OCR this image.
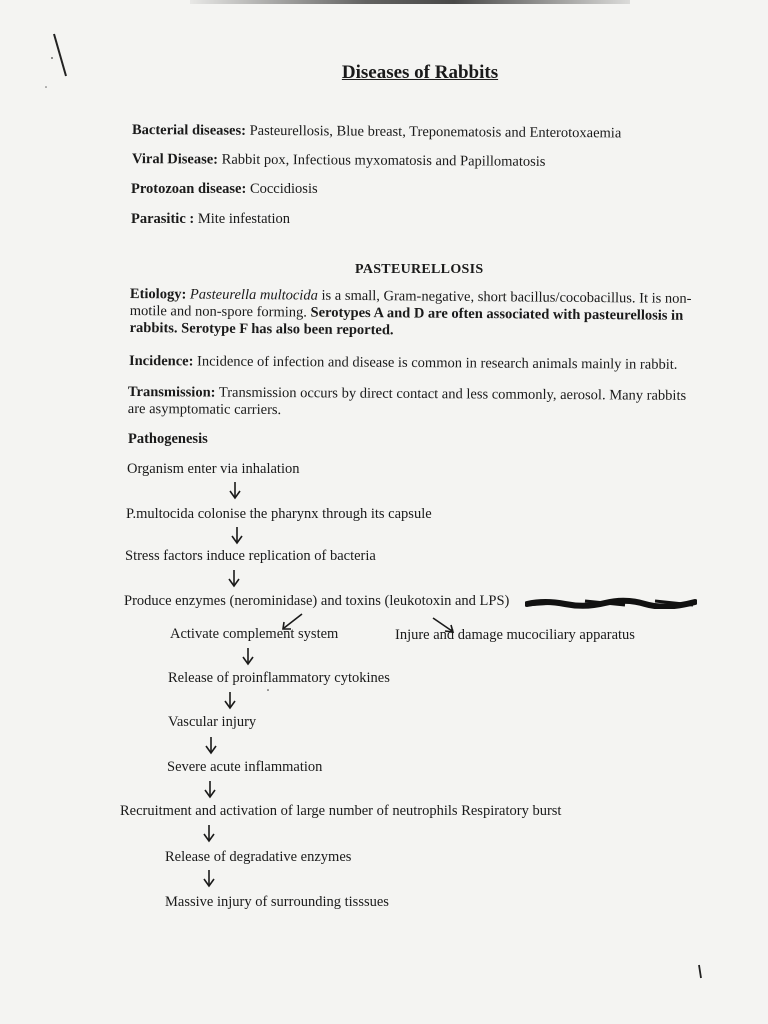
Diseases of Rabbits
Bacterial diseases: Pasteurellosis, Blue breast, Treponematosis and Enterotoxaemia
Viral Disease: Rabbit pox, Infectious myxomatosis and Papillomatosis
Protozoan disease: Coccidiosis
Parasitic : Mite infestation
PASTEURELLOSIS
Etiology: Pasteurella multocida is a small, Gram-negative, short bacillus/cocobacillus. It is non-motile and non-spore forming. Serotypes A and D are often associated with pasteurellosis in rabbits. Serotype F has also been reported.
Incidence: Incidence of infection and disease is common in research animals mainly in rabbit.
Transmission: Transmission occurs by direct contact and less commonly, aerosol. Many rabbits are asymptomatic carriers.
Pathogenesis
Organism enter via inhalation
P.multocida colonise the pharynx through its capsule
Stress factors induce replication of bacteria
Produce enzymes (nerominidase) and toxins (leukotoxin and LPS)
Activate complement system	Injure and damage mucociliary apparatus
Release of proinflammatory cytokines
Vascular injury
Severe acute inflammation
Recruitment and activation of large number of neutrophils Respiratory burst
Release of degradative enzymes
Massive injury of surrounding tisssues
